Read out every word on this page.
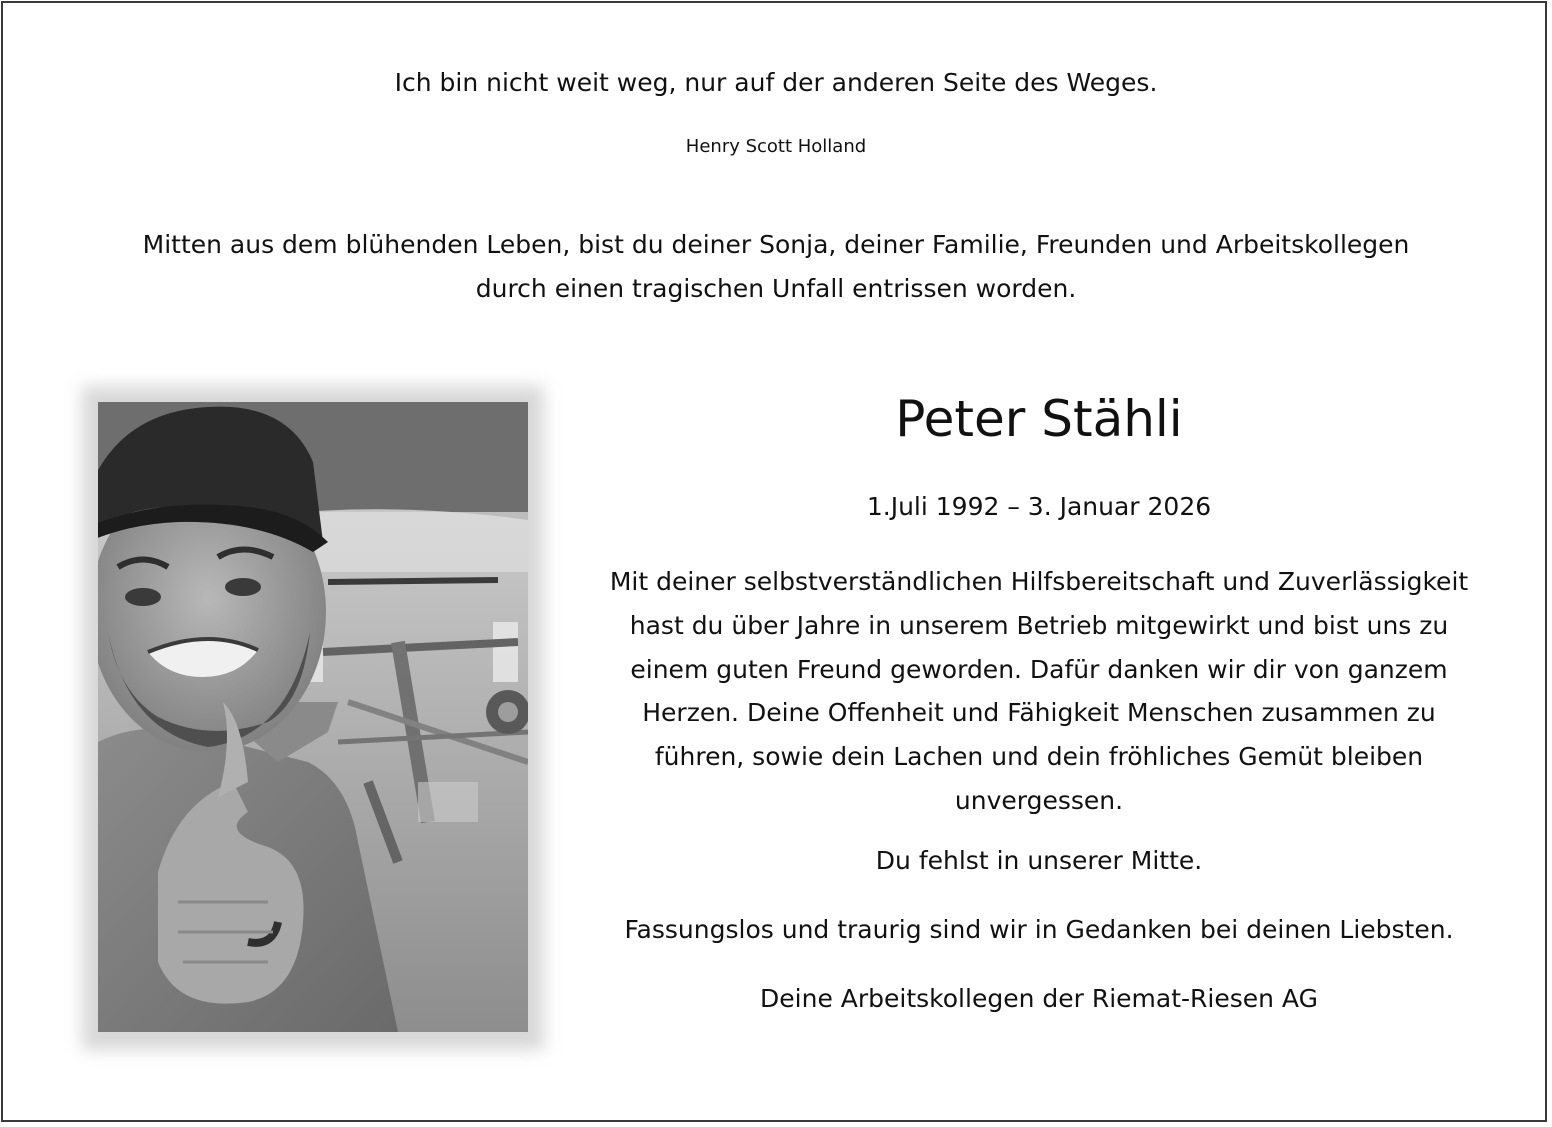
Ich bin nicht weit weg, nur auf der anderen Seite des Weges.

Henry Scott Holland

Mitten aus dem blühenden Leben, bist du deiner Sonja, deiner Familie, Freunden und Arbeitskollegen
durch einen tragischen Unfall entrissen worden.

Peter Stähli

1.Juli 1992 – 3. Januar 2026

Mit deiner selbstverständlichen Hilfsbereitschaft und Zuverlässigkeit
hast du über Jahre in unserem Betrieb mitgewirkt und bist uns zu
einem guten Freund geworden. Dafür danken wir dir von ganzem
Herzen. Deine Offenheit und Fähigkeit Menschen zusammen zu
führen, sowie dein Lachen und dein fröhliches Gemüt bleiben
unvergessen.

Du fehlst in unserer Mitte.

Fassungslos und traurig sind wir in Gedanken bei deinen Liebsten.

Deine Arbeitskollegen der Riemat-Riesen AG
